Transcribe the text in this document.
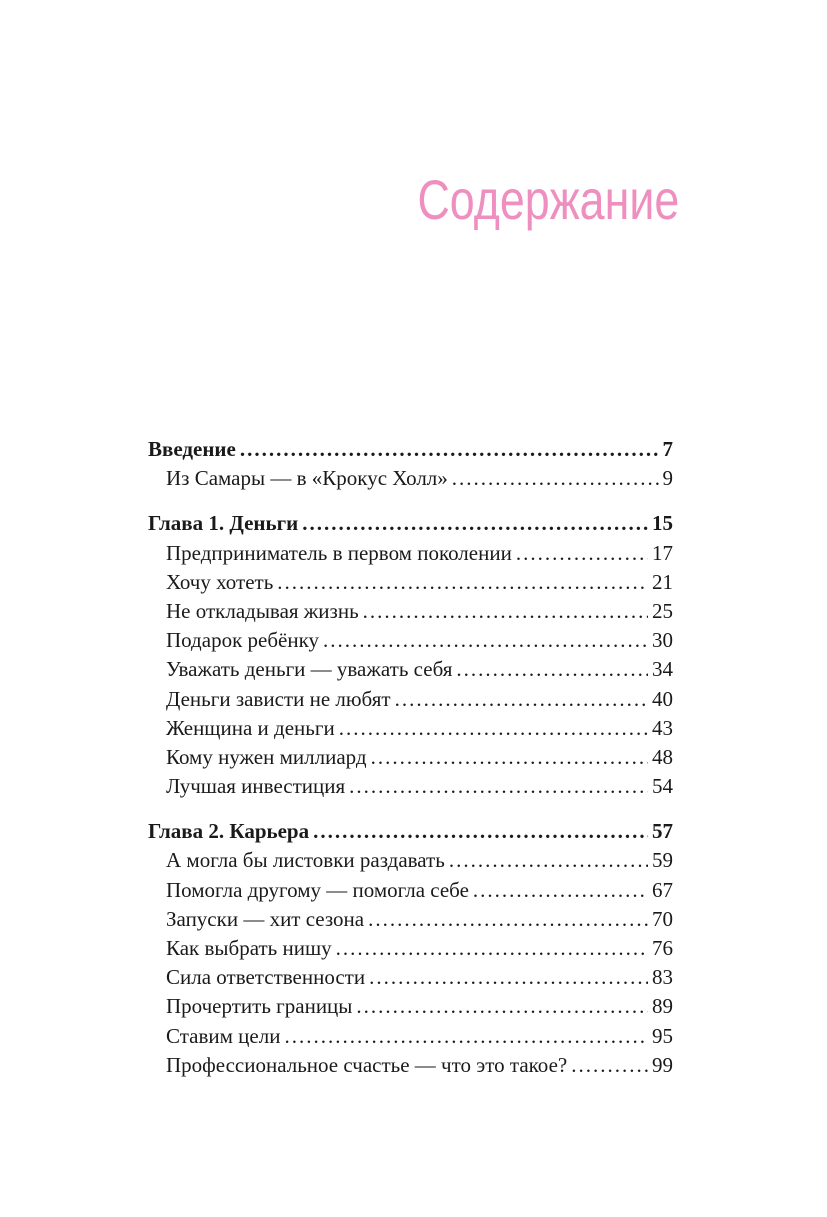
Содержание
Введение .....	7
Из Самары — в «Крокус Холл» .....	9
Глава 1. Деньги .....	15
Предприниматель в первом поколении .....	17
Хочу хотеть .....	21
Не откладывая жизнь .....	25
Подарок ребёнку .....	30
Уважать деньги — уважать себя .....	34
Деньги зависти не любят .....	40
Женщина и деньги .....	43
Кому нужен миллиард .....	48
Лучшая инвестиция .....	54
Глава 2. Карьера .....	57
А могла бы листовки раздавать .....	59
Помогла другому — помогла себе .....	67
Запуски — хит сезона .....	70
Как выбрать нишу .....	76
Сила ответственности .....	83
Прочертить границы .....	89
Ставим цели .....	95
Профессиональное счастье — что это такое? .....	99
